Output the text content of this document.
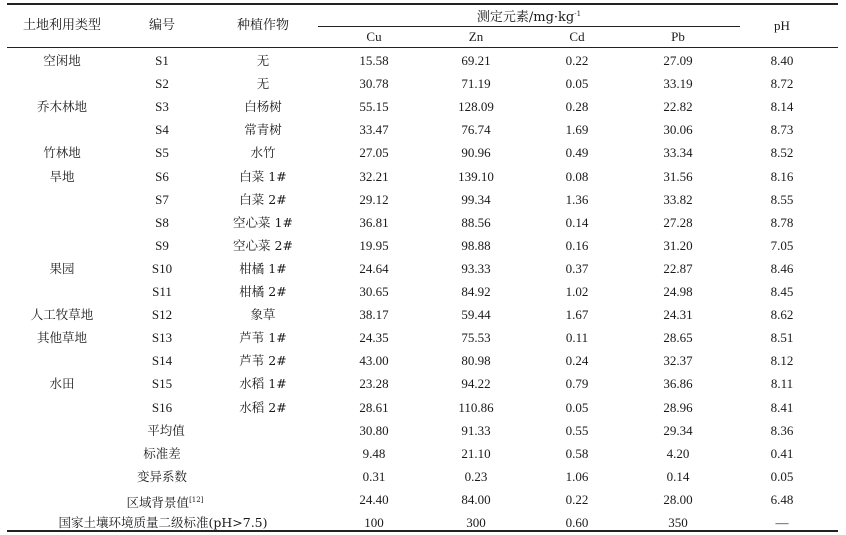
土地利用类型	编号	种植作物
测定元素$/mg\cdot kg^{-1}$
Cu	Zn	Cd	Pb
pH
空闲地	S1	无	15.58	69.21	0.22	27.09	8.40
S2	无	30.78	71.19	0.05	33.19	8.72
乔木林地	S3	白杨树	55.15	128.09	0.28	22.82	8.14
S4	常青树	33.47	76.74	1.69	30.06	8.73
竹林地	S5	水竹	27.05	90.96	0.49	33.34	8.52
旱地	S6	白菜 1#	32.21	139.10	0.08	31.56	8.16
S7	白菜 2#	29.12	99.34	1.36	33.82	8.55
S8	空心菜 1#	36.81	88.56	0.14	27.28	8.78
S9	空心菜 2#	19.95	98.88	0.16	31.20	7.05
果园	S10	柑橘 1#	24.64	93.33	0.37	22.87	8.46
S11	柑橘 2#	30.65	84.92	1.02	24.98	8.45
人工牧草地	S12	象草	38.17	59.44	1.67	24.31	8.62
其他草地	S13	芦苇 1#	24.35	75.53	0.11	28.65	8.51
S14	芦苇 2#	43.00	80.98	0.24	32.37	8.12
水田	S15	水稻 1#	23.28	94.22	0.79	36.86	8.11
S16	水稻 2#	28.61	110.86	0.05	28.96	8.41
平均值	30.80	91.33	0.55	29.34	8.36
标准差	9.48	21.10	0.58	4.20	0.41
变异系数	0.31	0.23	1.06	0.14	0.05
区域背景值[12]	24.40	84.00	0.22	28.00	6.48
国家土壤环境质量二级标准(pH>7.5)	100	300	0.60	350	—
